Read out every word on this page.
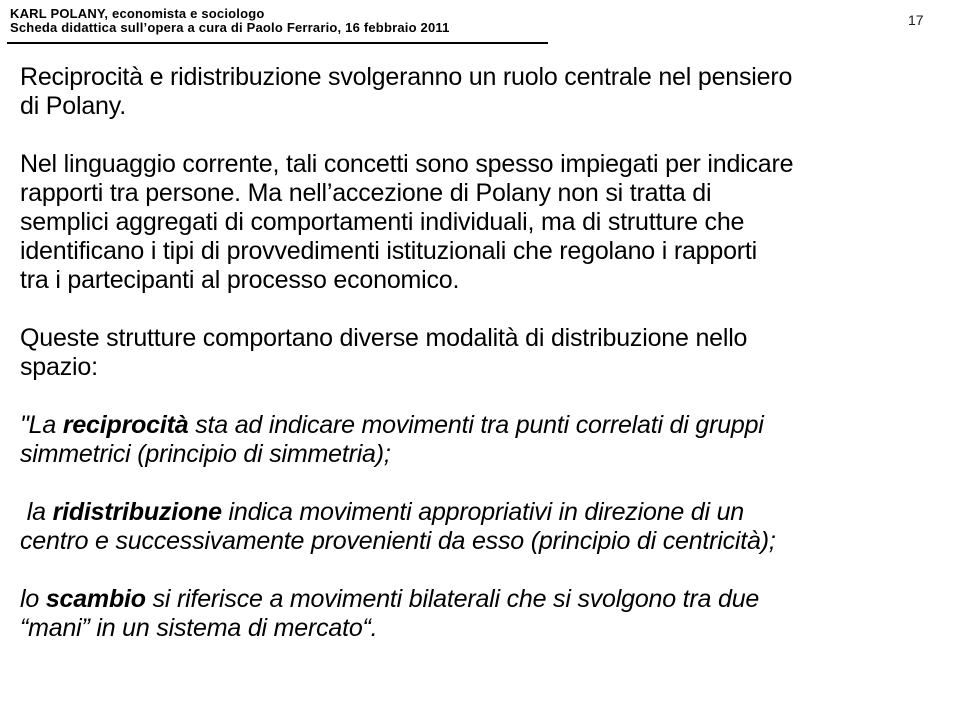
KARL POLANY, economista e sociologo
Scheda didattica sull’opera a cura di Paolo Ferrario, 16 febbraio 2011	17

Reciprocità e ridistribuzione svolgeranno un ruolo centrale nel pensiero
di Polany.

Nel linguaggio corrente, tali concetti sono spesso impiegati per indicare
rapporti tra persone. Ma nell’accezione di Polany non si tratta di
semplici aggregati di comportamenti individuali, ma di strutture che
identificano i tipi di provvedimenti istituzionali che regolano i rapporti
tra i partecipanti al processo economico.

Queste strutture comportano diverse modalità di distribuzione nello
spazio:

"La reciprocità sta ad indicare movimenti tra punti correlati di gruppi
simmetrici (principio di simmetria);

la ridistribuzione indica movimenti appropriativi in direzione di un
centro e successivamente provenienti da esso (principio di centricità);

lo scambio si riferisce a movimenti bilaterali che si svolgono tra due
“mani” in un sistema di mercato“.
